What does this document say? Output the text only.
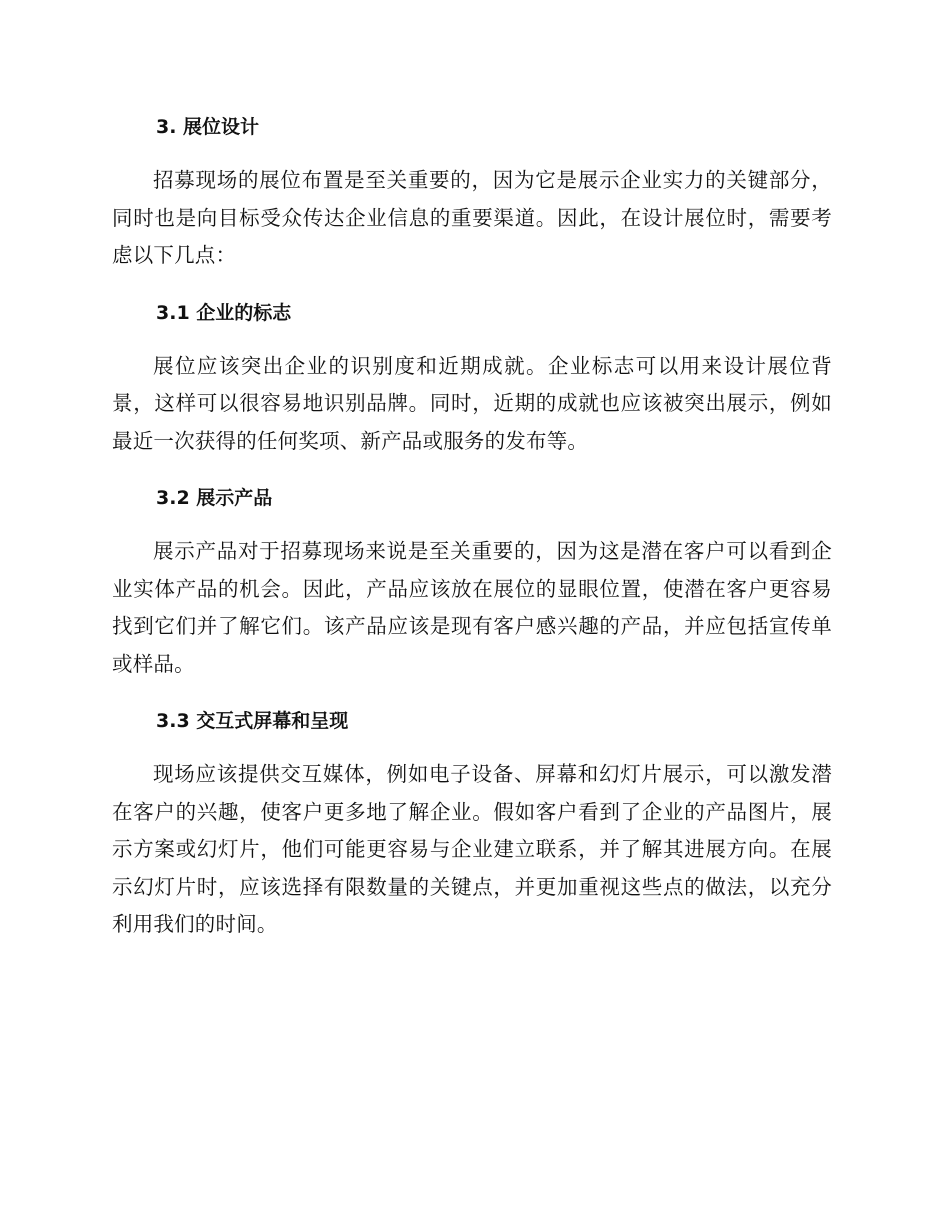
3. 展位设计

招募现场的展位布置是至关重要的，因为它是展示企业实力的关键部分，同时也是向目标受众传达企业信息的重要渠道。因此，在设计展位时，需要考虑以下几点：

3.1 企业的标志

展位应该突出企业的识别度和近期成就。企业标志可以用来设计展位背景，这样可以很容易地识别品牌。同时，近期的成就也应该被突出展示，例如最近一次获得的任何奖项、新产品或服务的发布等。

3.2 展示产品

展示产品对于招募现场来说是至关重要的，因为这是潜在客户可以看到企业实体产品的机会。因此，产品应该放在展位的显眼位置，使潜在客户更容易找到它们并了解它们。该产品应该是现有客户感兴趣的产品，并应包括宣传单或样品。

3.3 交互式屏幕和呈现

现场应该提供交互媒体，例如电子设备、屏幕和幻灯片展示，可以激发潜在客户的兴趣，使客户更多地了解企业。假如客户看到了企业的产品图片，展示方案或幻灯片，他们可能更容易与企业建立联系，并了解其进展方向。在展示幻灯片时，应该选择有限数量的关键点，并更加重视这些点的做法，以充分利用我们的时间。
